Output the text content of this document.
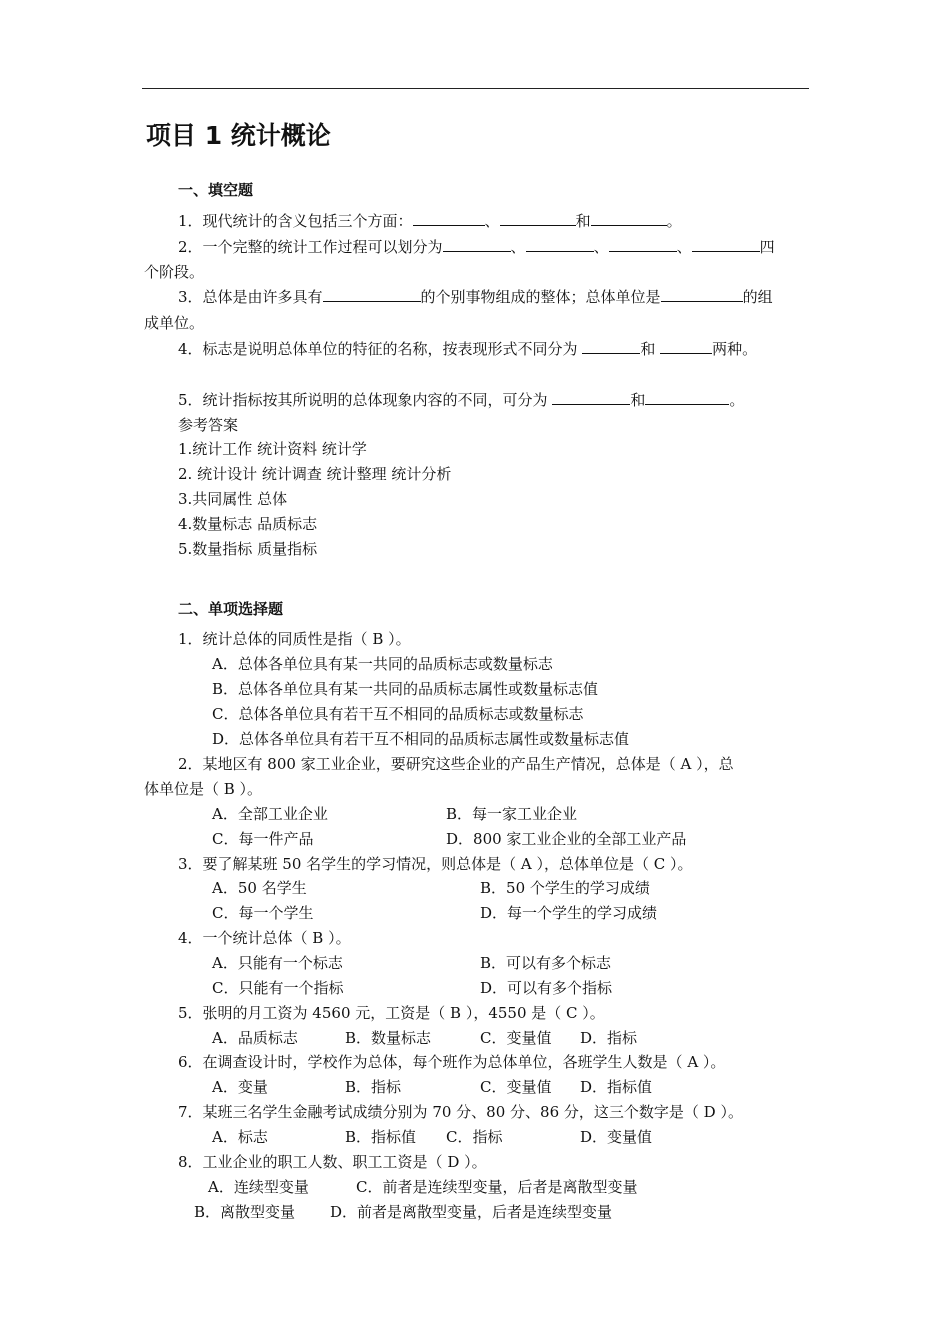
项目 1 统计概论
一、填空题
1．现代统计的含义包括三个方面：	、	和	。
2．一个完整的统计工作过程可以划分为	、	、	、	四
个阶段。
3．总体是由许多具有	的个别事物组成的整体；总体单位是	的组
成单位。
4．标志是说明总体单位的特征的名称，按表现形式不同分为	和	两种。
5．统计指标按其所说明的总体现象内容的不同，可分为	和	。
参考答案
1.统计工作 统计资料 统计学
2. 统计设计 统计调查 统计整理 统计分析
3.共同属性 总体
4.数量标志 品质标志
5.数量指标 质量指标
二、单项选择题
1．统计总体的同质性是指（ B ）。
A．总体各单位具有某一共同的品质标志或数量标志
B．总体各单位具有某一共同的品质标志属性或数量标志值
C．总体各单位具有若干互不相同的品质标志或数量标志
D．总体各单位具有若干互不相同的品质标志属性或数量标志值
2．某地区有 800 家工业企业，要研究这些企业的产品生产情况，总体是（ A ），总
体单位是（ B ）。
A．全部工业企业	B．每一家工业企业
C．每一件产品	D．800 家工业企业的全部工业产品
3．要了解某班 50 名学生的学习情况，则总体是（ A ），总体单位是（ C ）。
A．50 名学生	B．50 个学生的学习成绩
C．每一个学生	D．每一个学生的学习成绩
4．一个统计总体（ B ）。
A．只能有一个标志	B．可以有多个标志
C．只能有一个指标	D．可以有多个指标
5．张明的月工资为 4560 元，工资是（ B ），4550 是（ C ）。
A．品质标志	B．数量标志	C．变量值 D．指标
6．在调查设计时，学校作为总体，每个班作为总体单位，各班学生人数是（ A ）。
A．变量	B．指标	C．变量值 D．指标值
7．某班三名学生金融考试成绩分别为 70 分、80 分、86 分，这三个数字是（ D ）。
A．标志	B．指标值 C．指标	D．变量值
8．工业企业的职工人数、职工工资是（ D ）。
A．连续型变量	C．前者是连续型变量，后者是离散型变量
B．离散型变量 D．前者是离散型变量，后者是连续型变量
